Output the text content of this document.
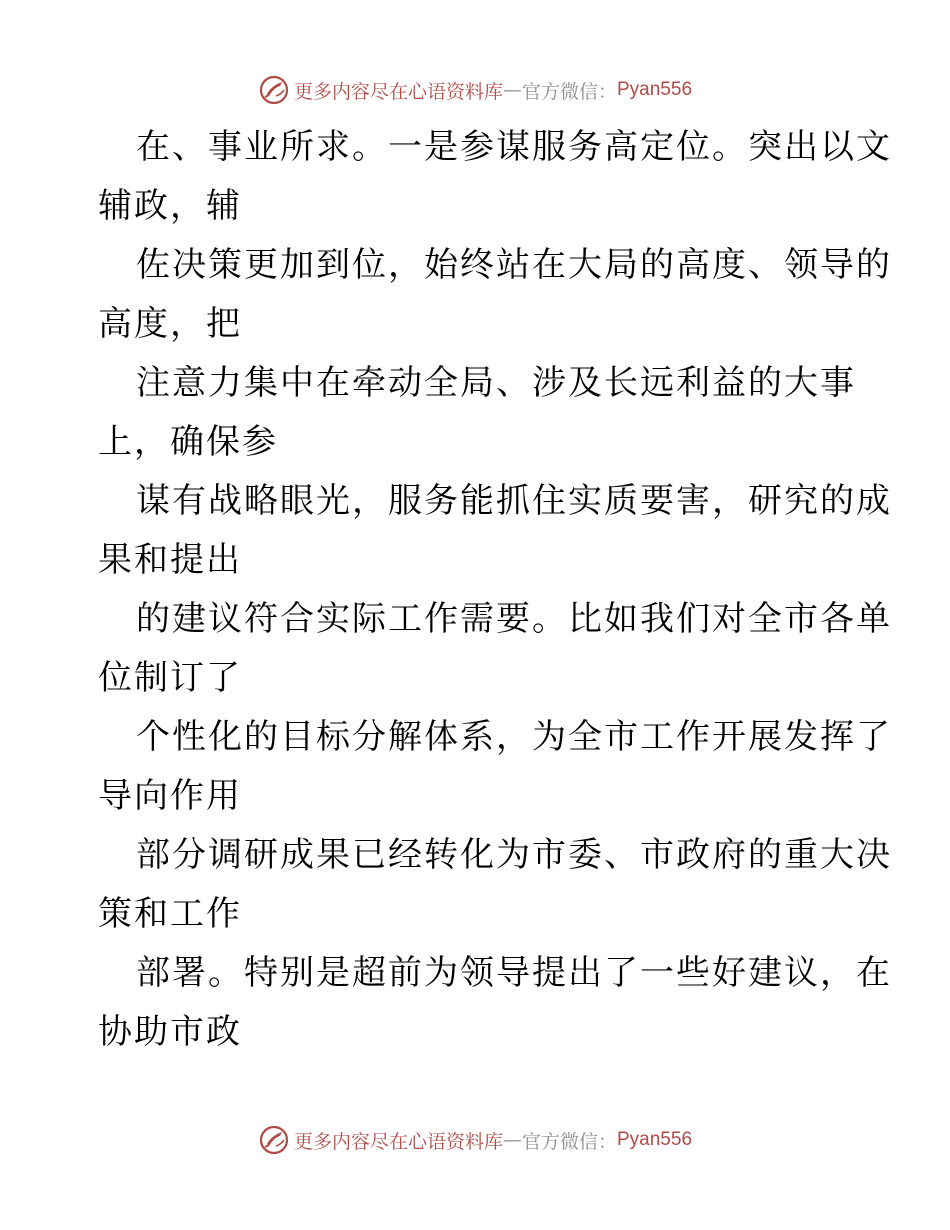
更多内容尽在心语资料库 — 官方微信： Pyan556
在、事业所求。一是参谋服务高定位。突出以文
辅政，辅
佐决策更加到位，始终站在大局的高度、领导的
高度，把
注意力集中在牵动全局、涉及长远利益的大事
上，确保参
谋有战略眼光，服务能抓住实质要害，研究的成
果和提出
的建议符合实际工作需要。比如我们对全市各单
位制订了
个性化的目标分解体系，为全市工作开展发挥了
导向作用
部分调研成果已经转化为市委、市政府的重大决
策和工作
部署。特别是超前为领导提出了一些好建议，在
协助市政
更多内容尽在心语资料库 — 官方微信： Pyan556
